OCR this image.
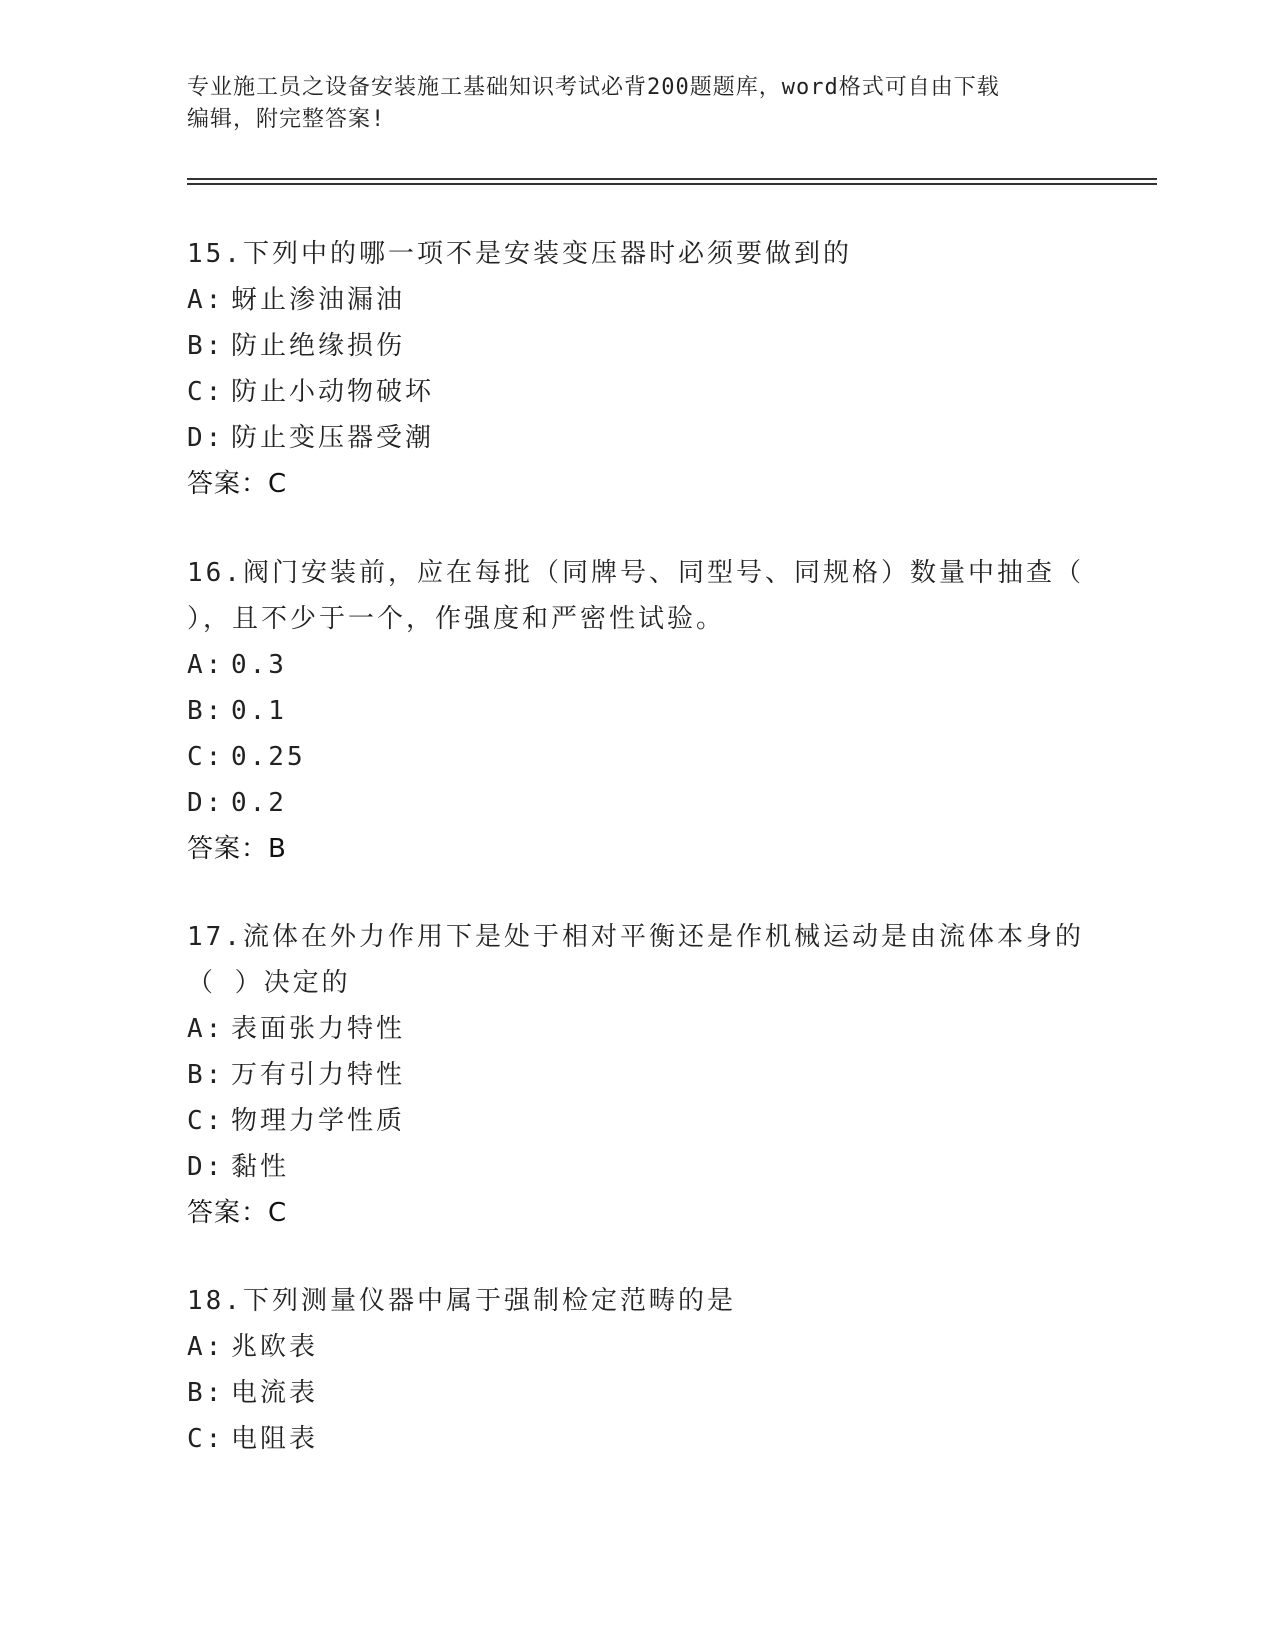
专业施工员之设备安装施工基础知识考试必背200题题库，word格式可自由下载
编辑，附完整答案!
15.下列中的哪一项不是安装变压器时必须要做到的
A: 蚜止渗油漏油
B: 防止绝缘损伤
C: 防止小动物破坏
D: 防止变压器受潮
答案：C
16.阀门安装前，应在每批（同牌号、同型号、同规格）数量中抽查（
），且不少于一个，作强度和严密性试验。
A: 0.3
B: 0.1
C: 0.25
D: 0.2
答案：B
17.流体在外力作用下是处于相对平衡还是作机械运动是由流体本身的
（ ）决定的
A: 表面张力特性
B: 万有引力特性
C: 物理力学性质
D: 黏性
答案：C
18.下列测量仪器中属于强制检定范畴的是
A: 兆欧表
B: 电流表
C: 电阻表
